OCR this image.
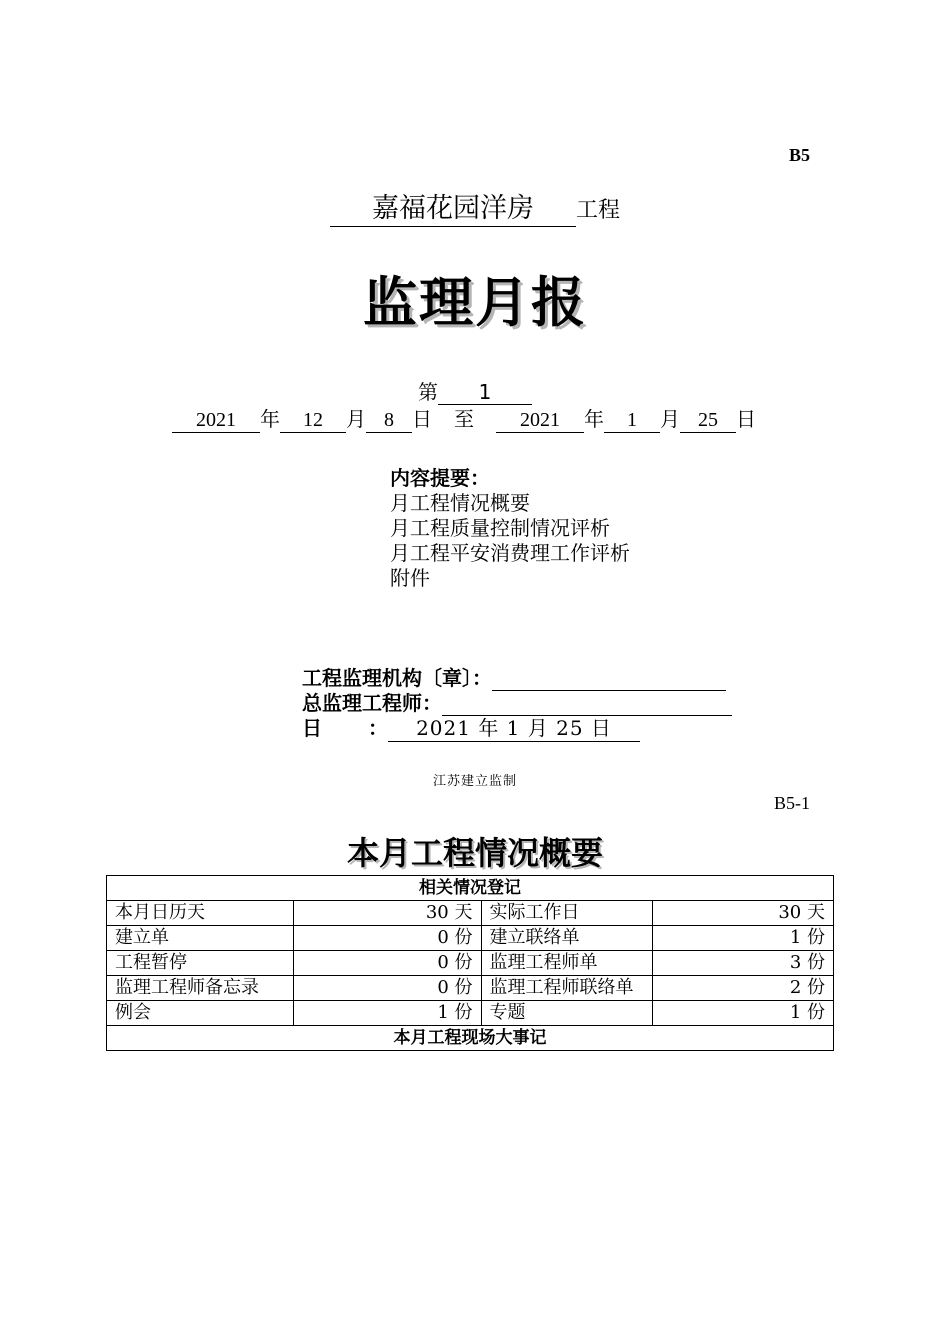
B5
嘉福花园洋房 工程
监理月报
第 1
2021 年 12 月 8 日 至 2021 年 1 月 25 日
内容提要：
月工程情况概要
月工程质量控制情况评析
月工程平安消费理工作评析
附件
工程监理机构〔章〕：
总监理工程师：
日 ： 2021 年 1 月 25 日
江苏建立监制
B5-1
本月工程情况概要
相关情况登记			
本月日历天	30 天	实际工作日	30 天
建立单	0 份	建立联络单	1 份
工程暂停	0 份	监理工程师单	3 份
监理工程师备忘录	0 份	监理工程师联络单	2 份
例会	1 份	专题	1 份
本月工程现场大事记			
